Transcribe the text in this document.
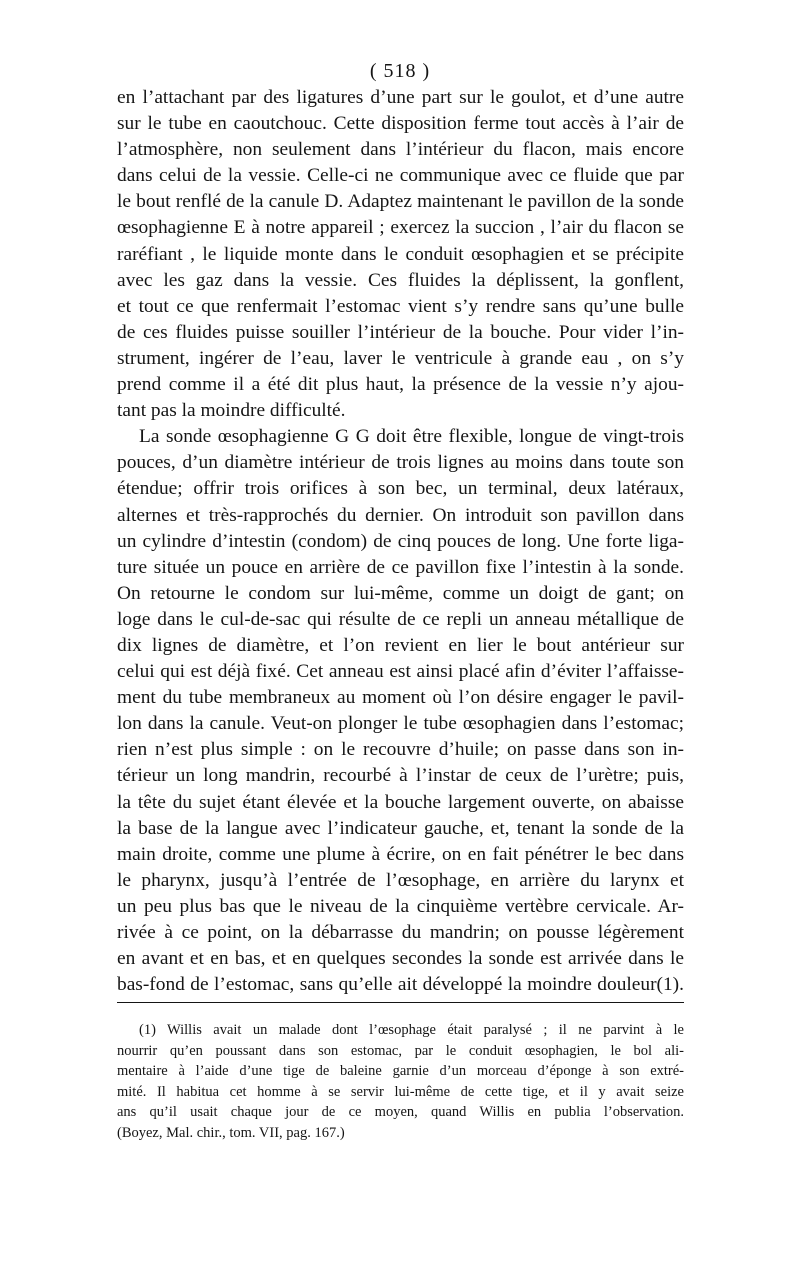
( 518 )
en l’attachant par des ligatures d’une part sur le goulot, et d’une autre
sur le tube en caoutchouc. Cette disposition ferme tout accès à l’air de
l’atmosphère, non seulement dans l’intérieur du flacon, mais encore
dans celui de la vessie. Celle-ci ne communique avec ce fluide que par
le bout renflé de la canule D. Adaptez maintenant le pavillon de la sonde
œsophagienne E à notre appareil ; exercez la succion , l’air du flacon se
raréfiant , le liquide monte dans le conduit œsophagien et se précipite
avec les gaz dans la vessie. Ces fluides la déplissent, la gonflent,
et tout ce que renfermait l’estomac vient s’y rendre sans qu’une bulle
de ces fluides puisse souiller l’intérieur de la bouche. Pour vider l’in-
strument, ingérer de l’eau, laver le ventricule à grande eau , on s’y
prend comme il a été dit plus haut, la présence de la vessie n’y ajou-
tant pas la moindre difficulté.
La sonde œsophagienne G G doit être flexible, longue de vingt-trois
pouces, d’un diamètre intérieur de trois lignes au moins dans toute son
étendue; offrir trois orifices à son bec, un terminal, deux latéraux,
alternes et très-rapprochés du dernier. On introduit son pavillon dans
un cylindre d’intestin (condom) de cinq pouces de long. Une forte liga-
ture située un pouce en arrière de ce pavillon fixe l’intestin à la sonde.
On retourne le condom sur lui-même, comme un doigt de gant; on
loge dans le cul-de-sac qui résulte de ce repli un anneau métallique de
dix lignes de diamètre, et l’on revient en lier le bout antérieur sur
celui qui est déjà fixé. Cet anneau est ainsi placé afin d’éviter l’affaisse-
ment du tube membraneux au moment où l’on désire engager le pavil-
lon dans la canule. Veut-on plonger le tube œsophagien dans l’estomac;
rien n’est plus simple : on le recouvre d’huile; on passe dans son in-
térieur un long mandrin, recourbé à l’instar de ceux de l’urètre; puis,
la tête du sujet étant élevée et la bouche largement ouverte, on abaisse
la base de la langue avec l’indicateur gauche, et, tenant la sonde de la
main droite, comme une plume à écrire, on en fait pénétrer le bec dans
le pharynx, jusqu’à l’entrée de l’œsophage, en arrière du larynx et
un peu plus bas que le niveau de la cinquième vertèbre cervicale. Ar-
rivée à ce point, on la débarrasse du mandrin; on pousse légèrement
en avant et en bas, et en quelques secondes la sonde est arrivée dans le
bas-fond de l’estomac, sans qu’elle ait développé la moindre douleur(1).
(1) Willis avait un malade dont l’œsophage était paralysé ; il ne parvint à le
nourrir qu’en poussant dans son estomac, par le conduit œsophagien, le bol ali-
mentaire à l’aide d’une tige de baleine garnie d’un morceau d’éponge à son extré-
mité. Il habitua cet homme à se servir lui-même de cette tige, et il y avait seize
ans qu’il usait chaque jour de ce moyen, quand Willis en publia l’observation.
(Boyez, Mal. chir., tom. VII, pag. 167.)
